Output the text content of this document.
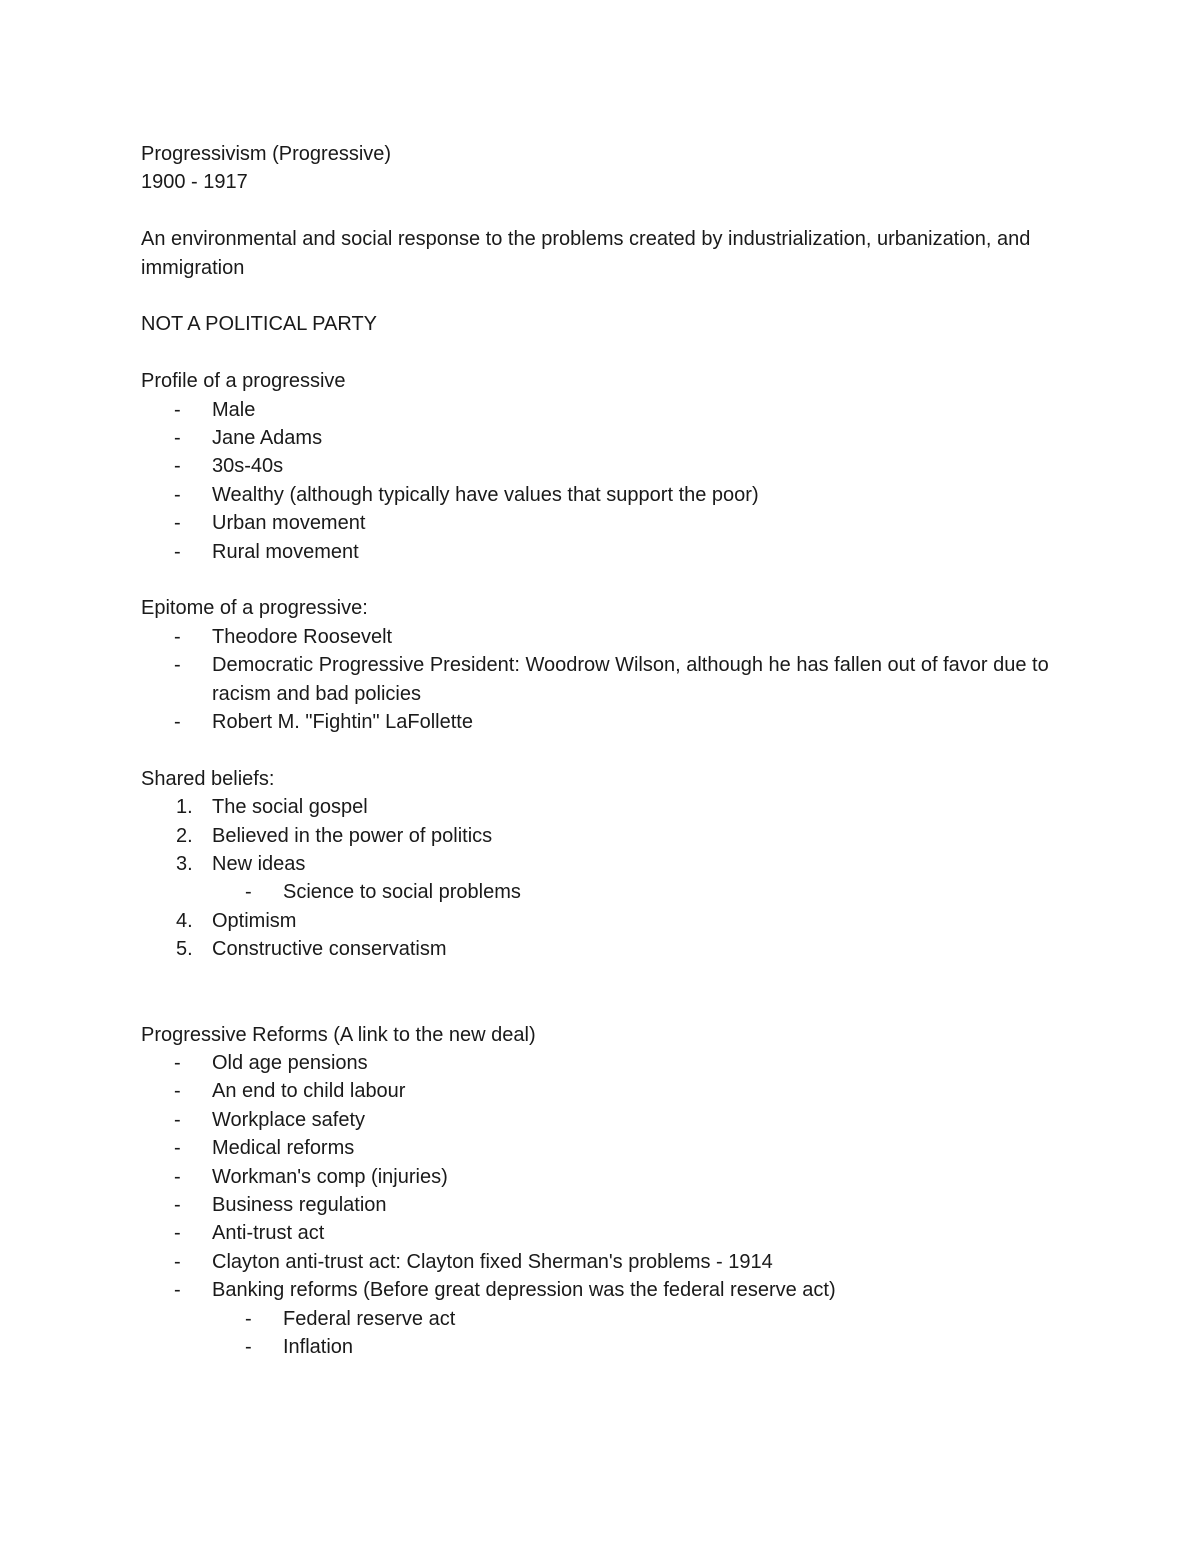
Progressivism (Progressive)

1900 - 1917

An environmental and social response to the problems created by industrialization, urbanization, and immigration

NOT A POLITICAL PARTY

Profile of a progressive

-	Male
-	Jane Adams
-	30s-40s
-	Wealthy (although typically have values that support the poor)
-	Urban movement
-	Rural movement

Epitome of a progressive:

-	Theodore Roosevelt
-	Democratic Progressive President: Woodrow Wilson, although he has fallen out of favor due to racism and bad policies
-	Robert M. "Fightin" LaFollette

Shared beliefs:

1. The social gospel
2. Believed in the power of politics
3. New ideas
- Science to social problems
4. Optimism
5. Constructive conservatism

Progressive Reforms (A link to the new deal)

-	Old age pensions
-	An end to child labour
-	Workplace safety
-	Medical reforms
-	Workman's comp (injuries)
-	Business regulation
-	Anti-trust act
-	Clayton anti-trust act: Clayton fixed Sherman's problems - 1914
-	Banking reforms (Before great depression was the federal reserve act)
- Federal reserve act
- Inflation
